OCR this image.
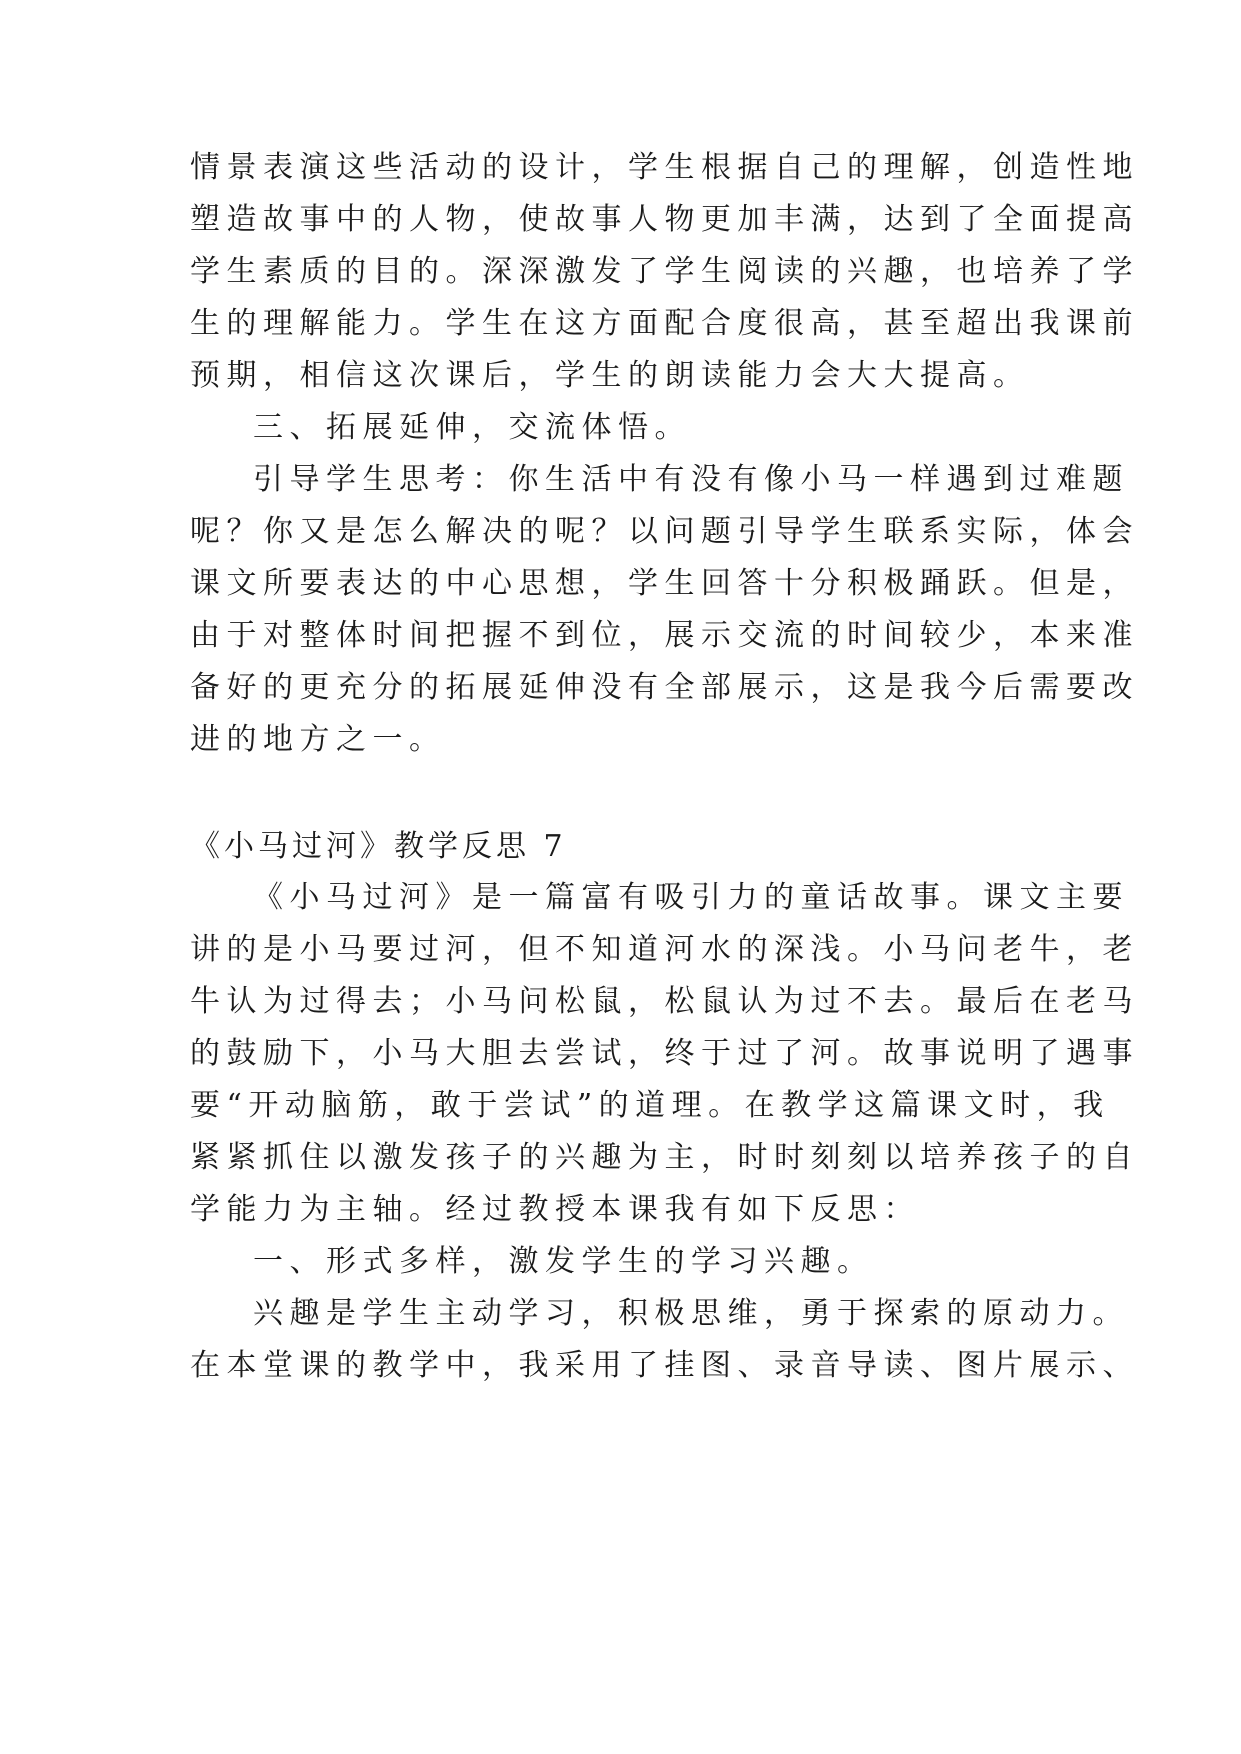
情景表演这些活动的设计，学生根据自己的理解，创造性地
塑造故事中的人物，使故事人物更加丰满，达到了全面提高
学生素质的目的。深深激发了学生阅读的兴趣，也培养了学
生的理解能力。学生在这方面配合度很高，甚至超出我课前
预期，相信这次课后，学生的朗读能力会大大提高。
三、拓展延伸，交流体悟。
引导学生思考：你生活中有没有像小马一样遇到过难题
呢？你又是怎么解决的呢？以问题引导学生联系实际，体会
课文所要表达的中心思想，学生回答十分积极踊跃。但是，
由于对整体时间把握不到位，展示交流的时间较少，本来准
备好的更充分的拓展延伸没有全部展示，这是我今后需要改
进的地方之一。
《小马过河》教学反思 7
《小马过河》是一篇富有吸引力的童话故事。课文主要
讲的是小马要过河，但不知道河水的深浅。小马问老牛，老
牛认为过得去；小马问松鼠，松鼠认为过不去。最后在老马
的鼓励下，小马大胆去尝试，终于过了河。故事说明了遇事
要“开动脑筋，敢于尝试”的道理。在教学这篇课文时，我
紧紧抓住以激发孩子的兴趣为主，时时刻刻以培养孩子的自
学能力为主轴。经过教授本课我有如下反思：
一、形式多样，激发学生的学习兴趣。
兴趣是学生主动学习，积极思维，勇于探索的原动力。
在本堂课的教学中，我采用了挂图、录音导读、图片展示、
